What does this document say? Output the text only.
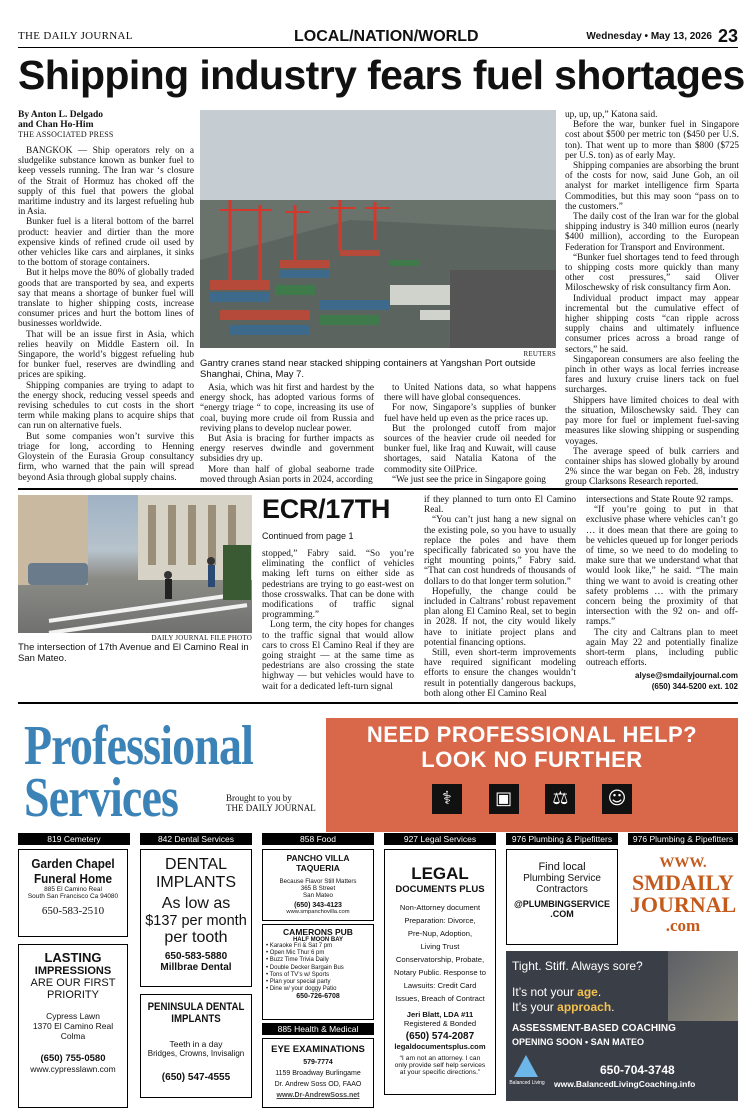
THE DAILY JOURNAL	LOCAL/NATION/WORLD	Wednesday • May 13, 2026 23
Shipping industry fears fuel shortages
By Anton L. Delgado
and Chan Ho-Him
THE ASSOCIATED PRESS

BANGKOK — Ship operators rely on a sludgelike substance known as bunker fuel to keep vessels running. The Iran war ‘s closure of the Strait of Hormuz has choked off the supply of this fuel that powers the global maritime industry and its largest refueling hub in Asia.

Bunker fuel is a literal bottom of the barrel product: heavier and dirtier than the more expensive kinds of refined crude oil used by other vehicles like cars and airplanes, it sinks to the bottom of storage containers.

But it helps move the 80% of globally traded goods that are transported by sea, and experts say that means a shortage of bunker fuel will translate to higher shipping costs, increase consumer prices and hurt the bottom lines of businesses worldwide.

That will be an issue first in Asia, which relies heavily on Middle Eastern oil. In Singapore, the world’s biggest refueling hub for bunker fuel, reserves are dwindling and prices are spiking.

Shipping companies are trying to adapt to the energy shock, reducing vessel speeds and revising schedules to cut costs in the short term while making plans to acquire ships that can run on alternative fuels.

But some companies won’t survive this triage for long, according to Henning Gloystein of the Eurasia Group consultancy firm, who warned that the pain will spread beyond Asia through global supply chains.

REUTERS
Gantry cranes stand near stacked shipping containers at Yangshan Port outside Shanghai, China, May 7.

Asia, which was hit first and hardest by the energy shock, has adopted various forms of “energy triage “ to cope, increasing its use of coal, buying more crude oil from Russia and reviving plans to develop nuclear power.

But Asia is bracing for further impacts as energy reserves dwindle and government subsidies dry up.

More than half of global seaborne trade moved through Asian ports in 2024, according

to United Nations data, so what happens there will have global consequences.

For now, Singapore’s supplies of bunker fuel have held up even as the price races up.

But the prolonged cutoff from major sources of the heavier crude oil needed for bunker fuel, like Iraq and Kuwait, will cause shortages, said Natalia Katona of the commodity site OilPrice.

“We just see the price in Singapore going

up, up, up,” Katona said.

Before the war, bunker fuel in Singapore cost about $500 per metric ton ($450 per U.S. ton). That went up to more than $800 ($725 per U.S. ton) as of early May.

Shipping companies are absorbing the brunt of the costs for now, said June Goh, an oil analyst for market intelligence firm Sparta Commodities, but this may soon “pass on to the customers.”

The daily cost of the Iran war for the global shipping industry is 340 million euros (nearly $400 million), according to the European Federation for Transport and Environment.

“Bunker fuel shortages tend to feed through to shipping costs more quickly than many other cost pressures,” said Oliver Miloschewsky of risk consultancy firm Aon.

Individual product impact may appear incremental but the cumulative effect of higher shipping costs “can ripple across supply chains and ultimately influence consumer prices across a broad range of sectors,” he said.

Singaporean consumers are also feeling the pinch in other ways as local ferries increase fares and luxury cruise liners tack on fuel surcharges.

Shippers have limited choices to deal with the situation, Miloschewsky said. They can pay more for fuel or implement fuel-saving measures like slowing shipping or suspending voyages.

The average speed of bulk carriers and container ships has slowed globally by around 2% since the war began on Feb. 28, industry group Clarksons Research reported.

DAILY JOURNAL FILE PHOTO
The intersection of 17th Avenue and El Camino Real in San Mateo.
ECR/17TH
Continued from page 1

stopped,” Fabry said. “So you’re eliminating the conflict of vehicles making left turns on either side as pedestrians are trying to go east-west on those crosswalks. That can be done with modifications of traffic signal programming.”

Long term, the city hopes for changes to the traffic signal that would allow cars to cross El Camino Real if they are going straight — at the same time as pedestrians are also crossing the state highway — but vehicles would have to wait for a dedicated left-turn signal

if they planned to turn onto El Camino Real.

“You can’t just hang a new signal on the existing pole, so you have to usually replace the poles and have them specifically fabricated so you have the right mounting points,” Fabry said. “That can cost hundreds of thousands of dollars to do that longer term solution.”

Hopefully, the change could be included in Caltrans’ robust repavement plan along El Camino Real, set to begin in 2028. If not, the city would likely have to initiate project plans and potential financing options.

Still, even short-term improvements have required significant modeling efforts to ensure the changes wouldn’t result in potentially dangerous backups, both along other El Camino Real

intersections and State Route 92 ramps.

“If you’re going to put in that exclusive phase where vehicles can’t go … it does mean that there are going to be vehicles queued up for longer periods of time, so we need to do modeling to make sure that we understand what that would look like,” he said. “The main thing we want to avoid is creating other safety problems … with the primary concern being the proximity of that intersection with the 92 on- and off-ramps.”

The city and Caltrans plan to meet again May 22 and potentially finalize short-term plans, including public outreach efforts.

alyse@smdailyjournal.com
(650) 344-5200 ext. 102
Professional
Services	Brought to you by
THE DAILY JOURNAL
NEED PROFESSIONAL HELP?
LOOK NO FURTHER
⚕	▣	⚖	☺
819 Cemetery	842 Dental Services	858 Food	927 Legal Services	976 Plumbing & Pipefitters	976 Plumbing & Pipefitters
Garden Chapel
Funeral Home
885 El Camino Real
South San Francisco Ca 94080
650-583-2510
LASTING
IMPRESSIONS
ARE OUR FIRST
PRIORITY
Cypress Lawn
1370 El Camino Real
Colma
(650) 755-0580
www.cypresslawn.com
DENTAL
IMPLANTS
As low as
$137 per month
per tooth
650-583-5880
Millbrae Dental
PENINSULA DENTAL
IMPLANTS
Teeth in a day
Bridges, Crowns, Invisalign
(650) 547-4555
PANCHO VILLA
TAQUERIA
Because Flavor Still Matters
365 B Street
San Mateo
(650) 343-4123
www.smpanchovilla.com
CAMERONS PUB
HALF MOON BAY
• Karaoke Fri & Sat 7 pm
• Open Mic Thur 6 pm
• Buzz Time Trivia Daily
• Double Decker Bargain Bus
• Tons of TV’s w/ Sports
• Plan your special party
• Dine w/ your doggy Patio
650-726-6708
885 Health & Medical
EYE EXAMINATIONS
579-7774
1159 Broadway Burlingame
Dr. Andrew Soss OD, FAAO
www.Dr-AndrewSoss.net
LEGAL
DOCUMENTS PLUS
Non-Attorney document
Preparation: Divorce,
Pre-Nup, Adoption,
Living Trust
Conservatorship, Probate,
Notary Public. Response to
Lawsuits: Credit Card
Issues, Breach of Contract
Jeri Blatt, LDA #11
Registered & Bonded
(650) 574-2087
legaldocumentsplus.com
“I am not an attorney. I can
only provide self help services
at your specific directions.”
Find local
Plumbing Service
Contractors
@PLUMBINGSERVICE
.COM
WWW.
SMDAILY
JOURNAL
.com
Tight. Stiff. Always sore?
It’s not your age.
It’s your approach.
ASSESSMENT-BASED COACHING
OPENING SOON • SAN MATEO
Balanced Living
650-704-3748
www.BalancedLivingCoaching.info
